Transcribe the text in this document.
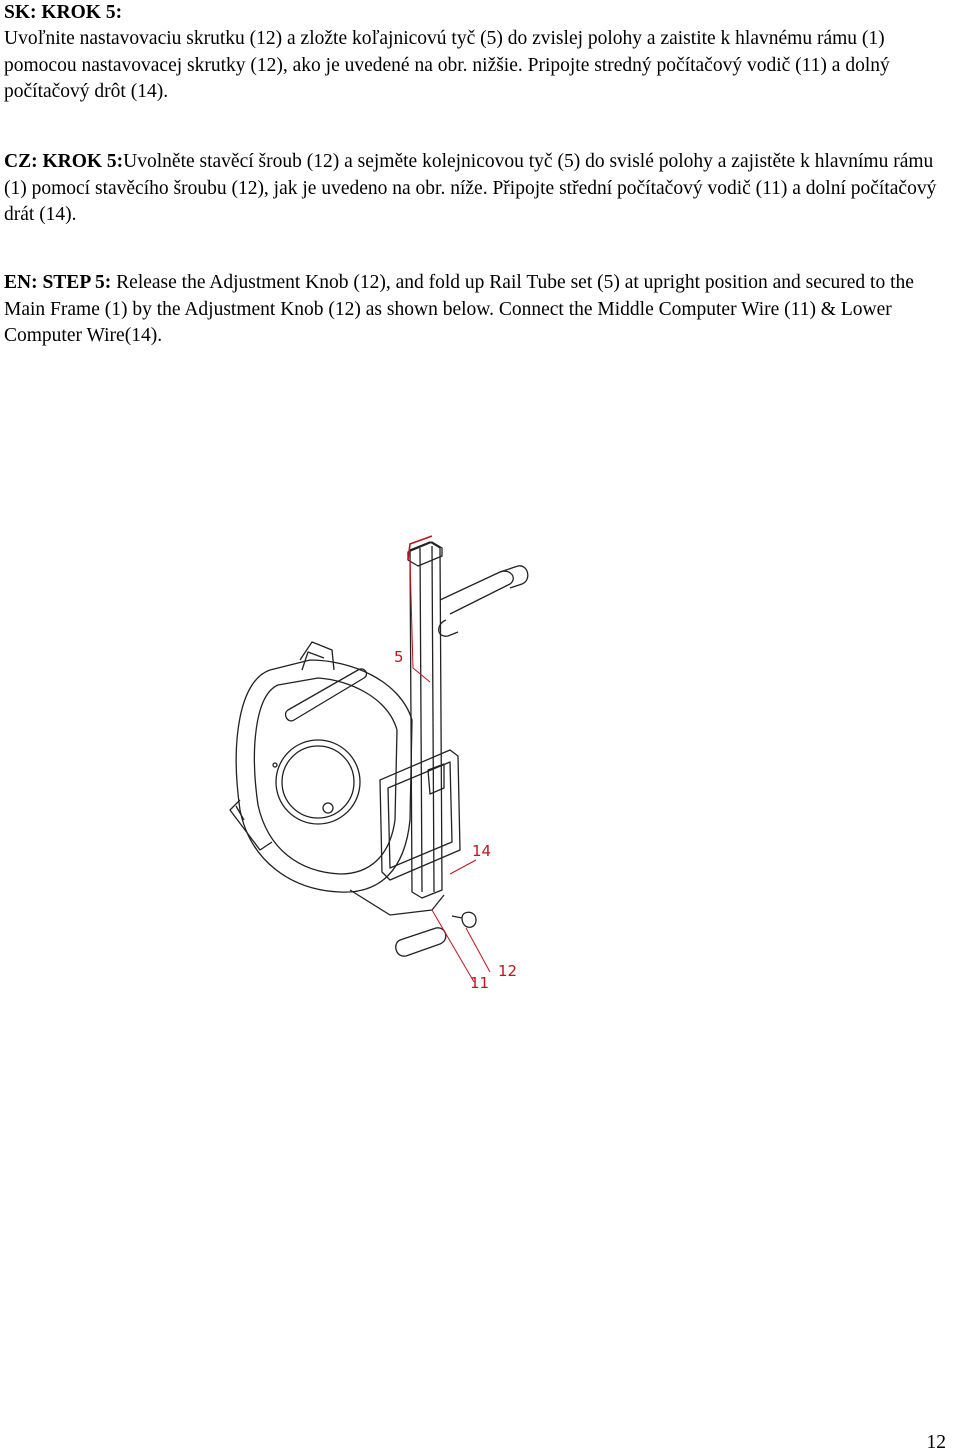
SK: KROK 5:
Uvoľnite nastavovaciu skrutku (12) a zložte koľajnicovú tyč (5) do zvislej polohy a zaistite k hlavnému rámu (1) pomocou nastavovacej skrutky (12), ako je uvedené na obr. nižšie. Pripojte stredný počítačový vodič (11) a dolný počítačový drôt (14).
CZ: KROK 5:Uvolněte stavěcí šroub (12) a sejměte kolejnicovou tyč (5) do svislé polohy a zajistěte k hlavnímu rámu (1) pomocí stavěcího šroubu (12), jak je uvedeno na obr. níže. Připojte střední počítačový vodič (11) a dolní počítačový drát (14).
EN: STEP 5: Release the Adjustment Knob (12), and fold up Rail Tube set (5) at upright position and secured to the Main Frame (1) by the Adjustment Knob (12) as shown below. Connect the Middle Computer Wire (11) & Lower Computer Wire(14).
5
14
11
12
12
